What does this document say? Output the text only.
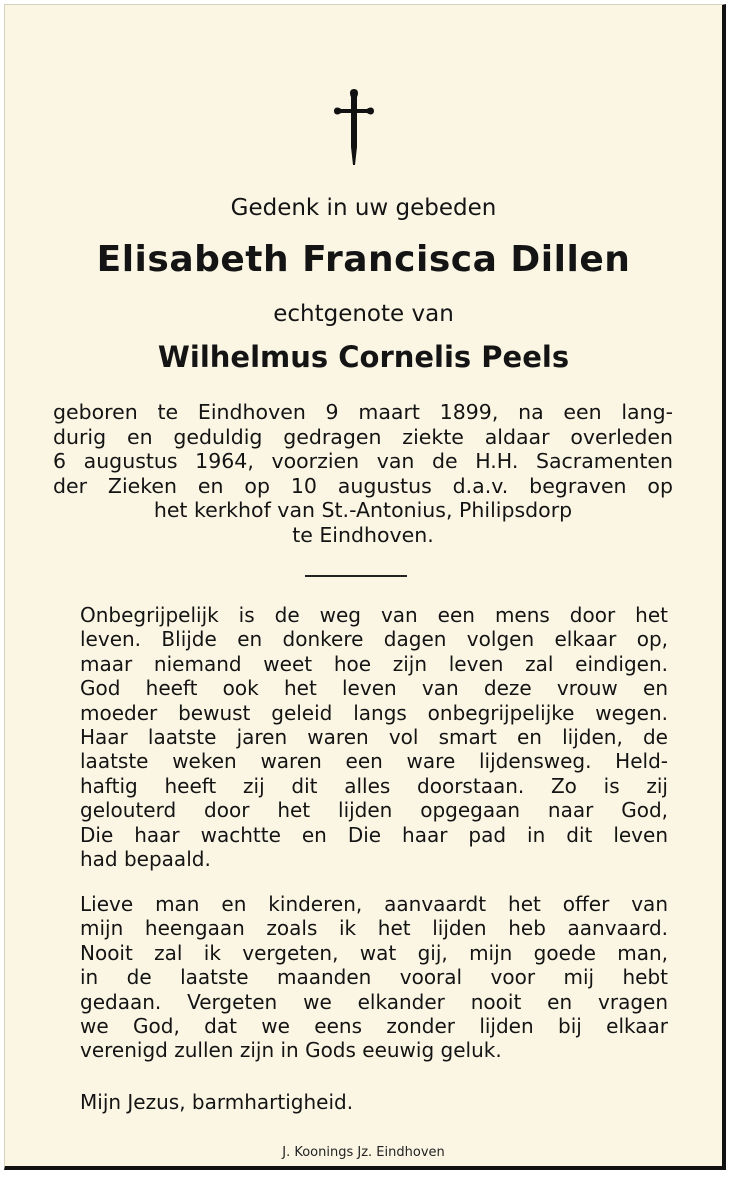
Gedenk in uw gebeden
Elisabeth Francisca Dillen
echtgenote van
Wilhelmus Cornelis Peels
geboren te Eindhoven 9 maart 1899, na een lang-
durig en geduldig gedragen ziekte aldaar overleden
6 augustus 1964, voorzien van de H.H. Sacramenten
der Zieken en op 10 augustus d.a.v. begraven op
het kerkhof van St.-Antonius, Philipsdorp
te Eindhoven.
Onbegrijpelijk is de weg van een mens door het
leven. Blijde en donkere dagen volgen elkaar op,
maar niemand weet hoe zijn leven zal eindigen.
God heeft ook het leven van deze vrouw en
moeder bewust geleid langs onbegrijpelijke wegen.
Haar laatste jaren waren vol smart en lijden, de
laatste weken waren een ware lijdensweg. Held-
haftig heeft zij dit alles doorstaan. Zo is zij
gelouterd door het lijden opgegaan naar God,
Die haar wachtte en Die haar pad in dit leven
had bepaald.
Lieve man en kinderen, aanvaardt het offer van
mijn heengaan zoals ik het lijden heb aanvaard.
Nooit zal ik vergeten, wat gij, mijn goede man,
in de laatste maanden vooral voor mij hebt
gedaan. Vergeten we elkander nooit en vragen
we God, dat we eens zonder lijden bij elkaar
verenigd zullen zijn in Gods eeuwig geluk.
Mijn Jezus, barmhartigheid.
J. Koonings Jz. Eindhoven
